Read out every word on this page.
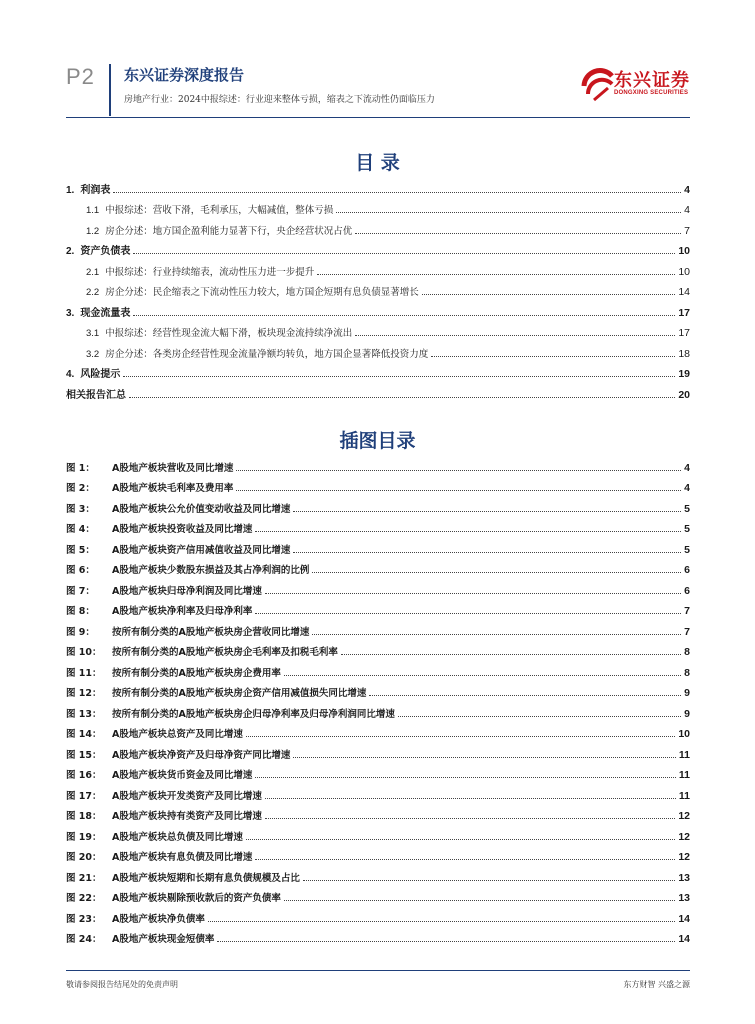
P2 东兴证券深度报告
房地产行业：2024中报综述：行业迎来整体亏损，缩表之下流动性仍面临压力
东兴证券
DONGXING SECURITIES
目 录
1. 利润表	4
1.1 中报综述：营收下滑，毛利承压，大幅减值，整体亏损	4
1.2 房企分述：地方国企盈利能力显著下行，央企经营状况占优	7
2. 资产负债表	10
2.1 中报综述：行业持续缩表，流动性压力进一步提升	10
2.2 房企分述：民企缩表之下流动性压力较大，地方国企短期有息负债显著增长	14
3. 现金流量表	17
3.1 中报综述：经营性现金流大幅下滑，板块现金流持续净流出	17
3.2 房企分述：各类房企经营性现金流量净额均转负，地方国企显著降低投资力度	18
4. 风险提示	19
相关报告汇总	20
插图目录
图 1： A股地产板块营收及同比增速	4
图 2： A股地产板块毛利率及费用率	4
图 3： A股地产板块公允价值变动收益及同比增速	5
图 4： A股地产板块投资收益及同比增速	5
图 5： A股地产板块资产信用减值收益及同比增速	5
图 6： A股地产板块少数股东损益及其占净利润的比例	6
图 7： A股地产板块归母净利润及同比增速	6
图 8： A股地产板块净利率及归母净利率	7
图 9： 按所有制分类的A股地产板块房企营收同比增速	7
图 10： 按所有制分类的A股地产板块房企毛利率及扣税毛利率	8
图 11： 按所有制分类的A股地产板块房企费用率	8
图 12： 按所有制分类的A股地产板块房企资产信用减值损失同比增速	9
图 13： 按所有制分类的A股地产板块房企归母净利率及归母净利润同比增速	9
图 14： A股地产板块总资产及同比增速	10
图 15： A股地产板块净资产及归母净资产同比增速	11
图 16： A股地产板块货币资金及同比增速	11
图 17： A股地产板块开发类资产及同比增速	11
图 18： A股地产板块持有类资产及同比增速	12
图 19： A股地产板块总负债及同比增速	12
图 20： A股地产板块有息负债及同比增速	12
图 21： A股地产板块短期和长期有息负债规模及占比	13
图 22： A股地产板块剔除预收款后的资产负债率	13
图 23： A股地产板块净负债率	14
图 24： A股地产板块现金短债率	14
敬请参阅报告结尾处的免责声明	东方财智 兴盛之源
